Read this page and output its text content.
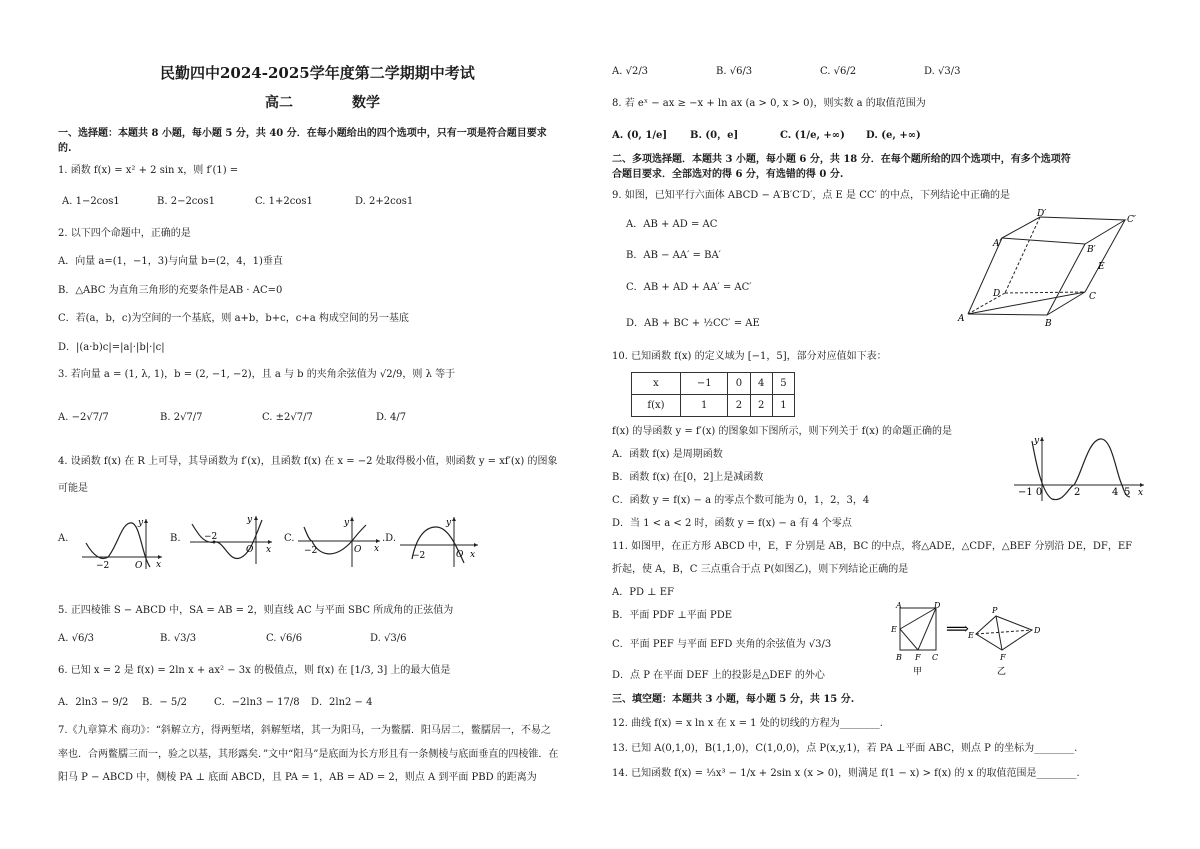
民勤四中2024-2025学年度第二学期期中考试
高二	数学
一、选择题：本题共 8 小题，每小题 5 分，共 40 分．在每小题给出的四个选项中，只有一项是符合题目要求
的.
1. 函数 f(x) = x² + 2 sin x，则 f′(1) =
A. 1−2cos1	B. 2−2cos1	C. 1+2cos1	D. 2+2cos1
2. 以下四个命题中，正确的是
A．向量 a=(1，−1，3)与向量 b=(2，4，1)垂直
B．△ABC 为直角三角形的充要条件是AB · AC=0
C．若(a，b，c)为空间的一个基底，则 a+b，b+c，c+a 构成空间的另一基底
D．|(a·b)c|=|a|·|b|·|c|
3. 若向量 a = (1, λ, 1)，b = (2, −1, −2)，且 a 与 b 的夹角余弦值为 √2/9，则 λ 等于
A. −2√7/7	B. 2√7/7	C. ±2√7/7	D. 4/7
4. 设函数 f(x) 在 R 上可导，其导函数为 f′(x)，且函数 f(x) 在 x = −2 处取得极小值，则函数 y = xf′(x) 的图象
可能是
A.
y
−2	O x
B.
y
−2
O x
C.
y
−2	O x
.D.
y
−2	O x
5. 正四棱锥 S − ABCD 中，SA = AB = 2，则直线 AC 与平面 SBC 所成角的正弦值为
A. √6/3	B. √3/3	C. √6/6	D. √3/6
6. 已知 x = 2 是 f(x) = 2ln x + ax² − 3x 的极值点，则 f(x) 在 [1/3, 3] 上的最大值是
A．2ln3 − 9/2 B．− 5/2	C．−2ln3 − 17/8 D．2ln2 − 4
7.《九章算术 商功》：“斜解立方，得两堑堵，斜解堑堵，其一为阳马，一为鳖臑．阳马居二，鳖臑居一，不易之
率也．合两鳖臑三而一，验之以基，其形露矣．”文中“阳马”是底面为长方形且有一条侧棱与底面垂直的四棱锥．在
阳马 P − ABCD 中，侧棱 PA ⊥ 底面 ABCD，且 PA = 1，AB = AD = 2，则点 A 到平面 PBD 的距离为
A. √2/3	B. √6/3	C. √6/2	D. √3/3
8. 若 eˣ − ax ≥ −x + ln ax (a > 0, x > 0)，则实数 a 的取值范围为
A. (0, 1/e] B. (0，e]	C. (1/e, +∞) D. (e, +∞)
二、多项选择题．本题共 3 小题，每小题 6 分，共 18 分．在每个题所给的四个选项中，有多个选项符
合题目要求．全部选对的得 6 分，有选错的得 0 分.
9. 如图，已知平行六面体 ABCD − A′B′C′D′，点 E 是 CC′ 的中点，下列结论中正确的是
A．AB + AD = AC
B．AB − AA′ = BA′
C．AB + AD + AA′ = AC′
D．AB + BC + ½CC′ = AE
D′
C′
A′
B′
E
D	C
A	B
10. 已知函数 f(x) 的定义域为 [−1，5]，部分对应值如下表：
x	−1	0	4	5
f(x)	1	2	2	1
f(x) 的导函数 y = f′(x) 的图象如下图所示，则下列关于 f(x) 的命题正确的是
A．函数 f(x) 是周期函数
B．函数 f(x) 在[0，2]上是减函数
C．函数 y = f(x) − a 的零点个数可能为 0，1，2，3，4
D．当 1 < a < 2 时，函数 y = f(x) − a 有 4 个零点
y
−1 0	2	4 5 x
11. 如图甲，在正方形 ABCD 中，E，F 分别是 AB，BC 的中点，将△ADE，△CDF，△BEF 分别沿 DE，DF，EF
折起，使 A，B，C 三点重合于点 P(如图乙)，则下列结论正确的是
A．PD ⊥ EF
B．平面 PDF ⊥平面 PDE
C．平面 PEF 与平面 EFD 夹角的余弦值为 √3/3
D．点 P 在平面 DEF 上的投影是△DEF 的外心
A	D
E
B F C
甲
⟹
P
E
D
F
乙
三、填空题：本题共 3 小题，每小题 5 分，共 15 分.
12. 曲线 f(x) = x ln x 在 x = 1 处的切线的方程为________.
13. 已知 A(0,1,0)，B(1,1,0)，C(1,0,0)，点 P(x,y,1)，若 PA ⊥平面 ABC，则点 P 的坐标为________.
14. 已知函数 f(x) = ⅓x³ − 1/x + 2sin x (x > 0)，则满足 f(1 − x) > f(x) 的 x 的取值范围是________.
